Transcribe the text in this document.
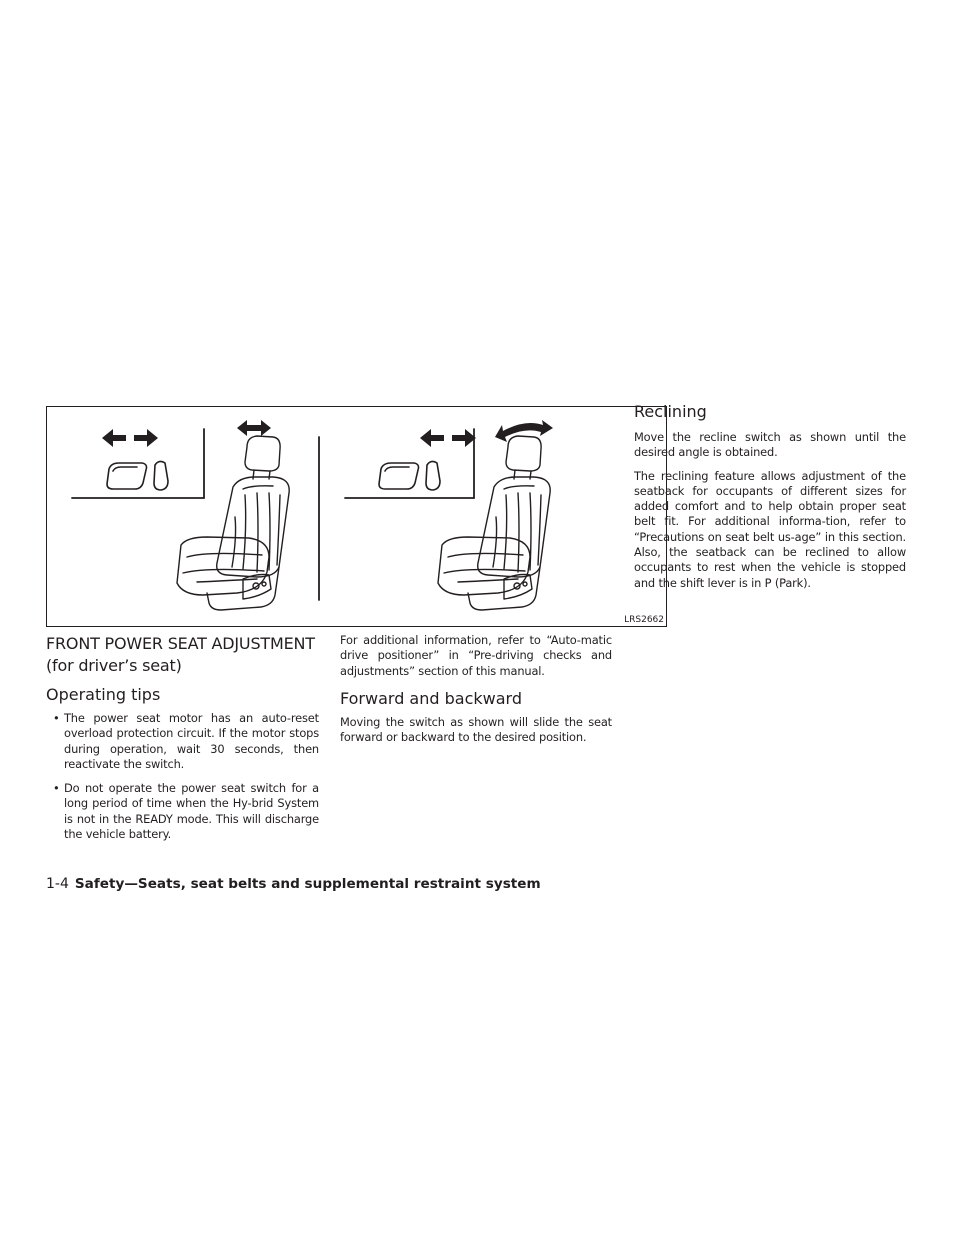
LRS2662
FRONT POWER SEAT ADJUSTMENT
(for driver’s seat)
Operating tips
• The power seat motor has an auto-reset overload protection circuit. If the motor stops during operation, wait 30 seconds, then reactivate the switch.
• Do not operate the power seat switch for a long period of time when the Hy-brid System is not in the READY mode. This will discharge the vehicle battery.

For additional information, refer to “Auto-matic drive positioner” in “Pre-driving checks and adjustments” section of this manual.

Forward and backward

Moving the switch as shown will slide the seat forward or backward to the desired position.

Reclining

Move the recline switch as shown until the desired angle is obtained.

The reclining feature allows adjustment of the seatback for occupants of different sizes for added comfort and to help obtain proper seat belt fit. For additional informa-tion, refer to “Precautions on seat belt us-age” in this section. Also, the seatback can be reclined to allow occupants to rest when the vehicle is stopped and the shift lever is in P (Park).

1-4 Safety—Seats, seat belts and supplemental restraint system
